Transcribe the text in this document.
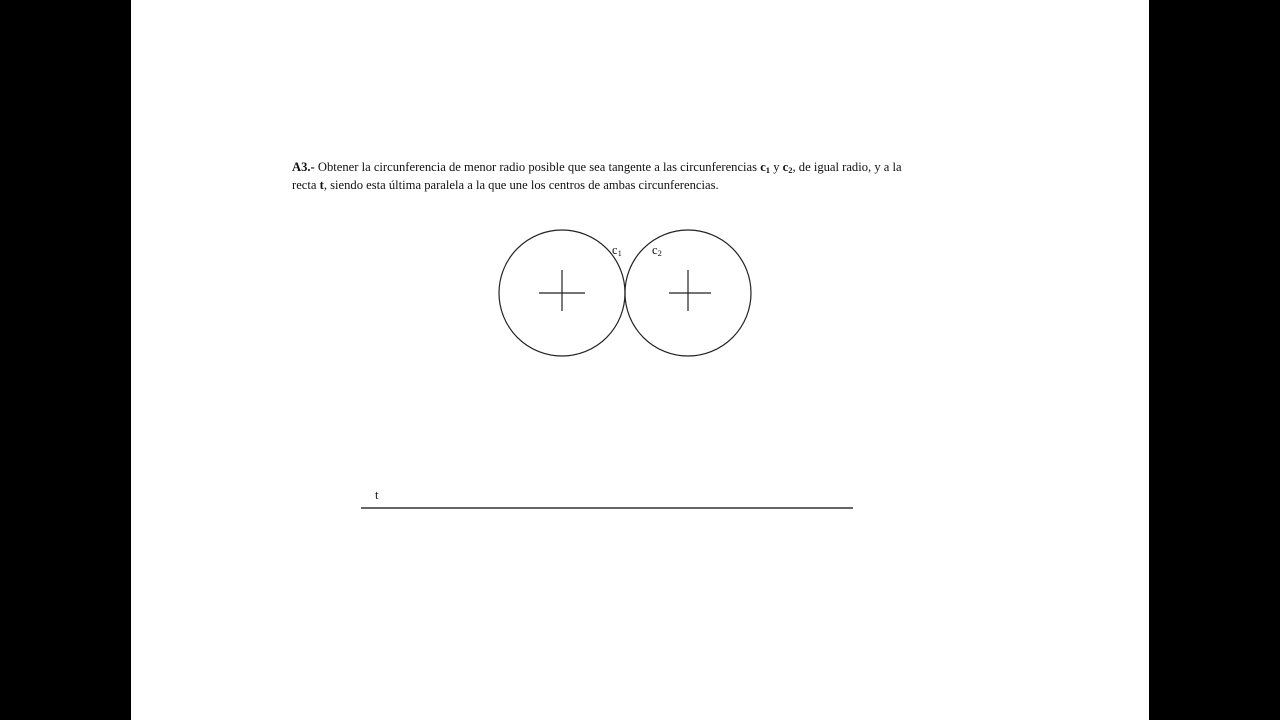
A3.- Obtener la circunferencia de menor radio posible que sea tangente a las circunferencias $c_1$ y $c_2$, de igual radio, y a la
recta t, siendo esta última paralela a la que une los centros de ambas circunferencias.
c1 c2
t
